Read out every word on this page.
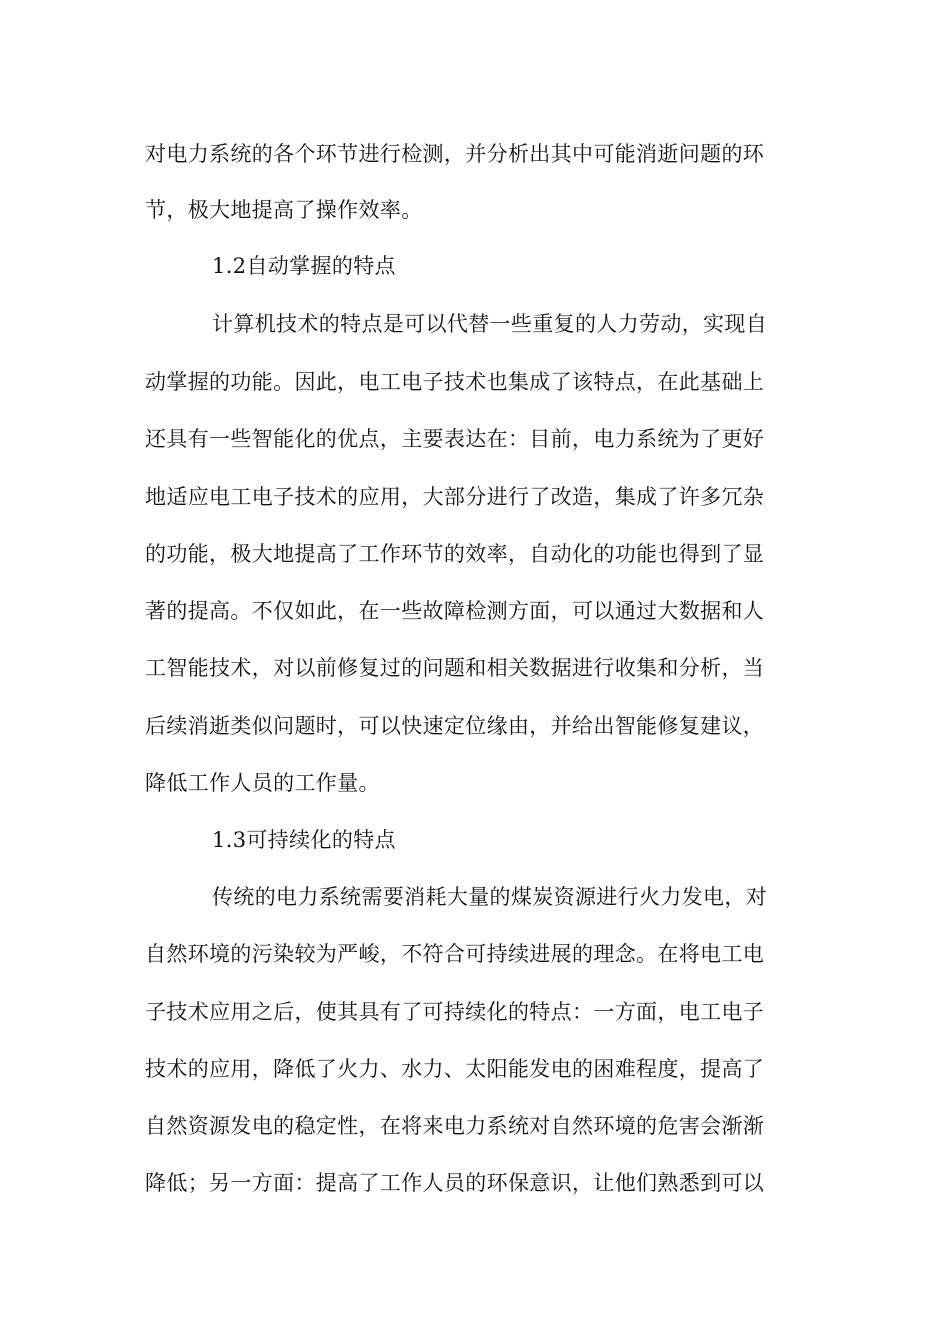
对电力系统的各个环节进行检测，并分析出其中可能消逝问题的环
节，极大地提高了操作效率。
1.2自动掌握的特点
计算机技术的特点是可以代替一些重复的人力劳动，实现自
动掌握的功能。因此，电工电子技术也集成了该特点，在此基础上
还具有一些智能化的优点，主要表达在：目前，电力系统为了更好
地适应电工电子技术的应用，大部分进行了改造，集成了许多冗杂
的功能，极大地提高了工作环节的效率，自动化的功能也得到了显
著的提高。不仅如此，在一些故障检测方面，可以通过大数据和人
工智能技术，对以前修复过的问题和相关数据进行收集和分析，当
后续消逝类似问题时，可以快速定位缘由，并给出智能修复建议，
降低工作人员的工作量。
1.3可持续化的特点
传统的电力系统需要消耗大量的煤炭资源进行火力发电，对
自然环境的污染较为严峻，不符合可持续进展的理念。在将电工电
子技术应用之后，使其具有了可持续化的特点：一方面，电工电子
技术的应用，降低了火力、水力、太阳能发电的困难程度，提高了
自然资源发电的稳定性，在将来电力系统对自然环境的危害会渐渐
降低；另一方面：提高了工作人员的环保意识，让他们熟悉到可以
